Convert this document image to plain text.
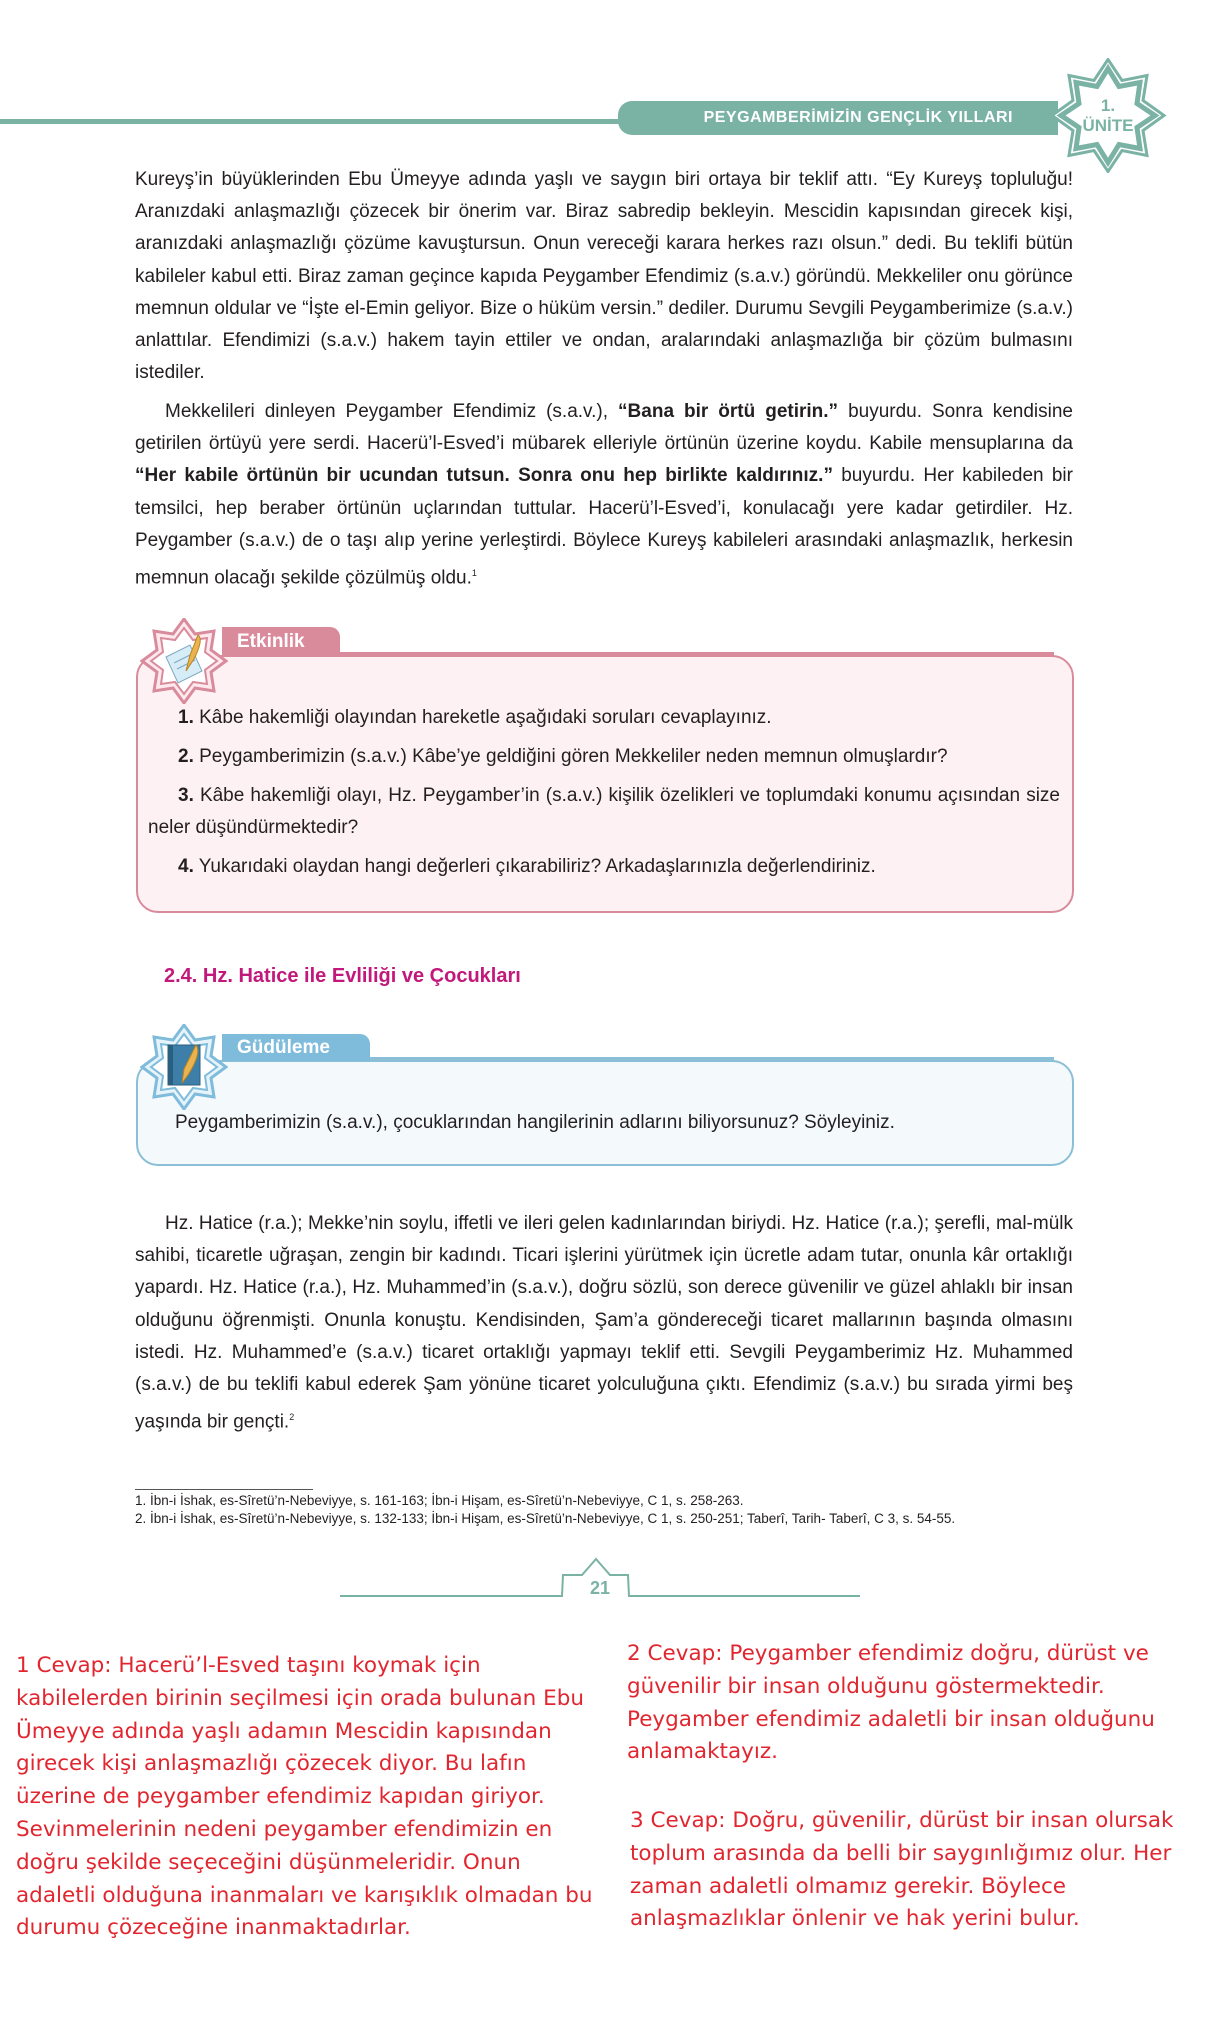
PEYGAMBERİMİZİN GENÇLİK YILLARI
1.
ÜNİTE

Kureyş’in büyüklerinden Ebu Ümeyye adında yaşlı ve saygın biri ortaya bir teklif attı. “Ey Kureyş topluluğu! Aranızdaki anlaşmazlığı çözecek bir önerim var. Biraz sabredip bekleyin. Mescidin kapısından girecek kişi, aranızdaki anlaşmazlığı çözüme kavuştursun. Onun vereceği karara herkes razı olsun.” dedi. Bu teklifi bütün kabileler kabul etti. Biraz zaman geçince kapıda Peygamber Efendimiz (s.a.v.) göründü. Mekkeliler onu görünce memnun oldular ve “İşte el-Emin geliyor. Bize o hüküm versin.” dediler. Durumu Sevgili Peygamberimize (s.a.v.) anlattılar. Efendimizi (s.a.v.) hakem tayin ettiler ve ondan, aralarındaki anlaşmazlığa bir çözüm bulmasını istediler.

Mekkelileri dinleyen Peygamber Efendimiz (s.a.v.), “Bana bir örtü getirin.” buyurdu. Sonra kendisine getirilen örtüyü yere serdi. Hacerü’l-Esved’i mübarek elleriyle örtünün üzerine koydu. Kabile mensuplarına da “Her kabile örtünün bir ucundan tutsun. Sonra onu hep birlikte kaldırınız.” buyurdu. Her kabileden bir temsilci, hep beraber örtünün uçlarından tuttular. Hacerü’l-Esved’i, konulacağı yere kadar getirdiler. Hz. Peygamber (s.a.v.) de o taşı alıp yerine yerleştirdi. Böylece Kureyş kabileleri arasındaki anlaşmazlık, herkesin memnun olacağı şekilde çözülmüş oldu.$^1$

Etkinlik

1. Kâbe hakemliği olayından hareketle aşağıdaki soruları cevaplayınız.

2. Peygamberimizin (s.a.v.) Kâbe’ye geldiğini gören Mekkeliler neden memnun olmuşlardır?

3. Kâbe hakemliği olayı, Hz. Peygamber’in (s.a.v.) kişilik özelikleri ve toplumdaki konumu açısından size neler düşündürmektedir?

4. Yukarıdaki olaydan hangi değerleri çıkarabiliriz? Arkadaşlarınızla değerlendiriniz.

2.4. Hz. Hatice ile Evliliği ve Çocukları
Güdüleme
Peygamberimizin (s.a.v.), çocuklarından hangilerinin adlarını biliyorsunuz? Söyleyiniz.

Hz. Hatice (r.a.); Mekke’nin soylu, iffetli ve ileri gelen kadınlarından biriydi. Hz. Hatice (r.a.); şerefli, mal-mülk sahibi, ticaretle uğraşan, zengin bir kadındı. Ticari işlerini yürütmek için ücretle adam tutar, onunla kâr ortaklığı yapardı. Hz. Hatice (r.a.), Hz. Muhammed’in (s.a.v.), doğru sözlü, son derece güvenilir ve güzel ahlaklı bir insan olduğunu öğrenmişti. Onunla konuştu. Kendisinden, Şam’a göndereceği ticaret mallarının başında olmasını istedi. Hz. Muhammed’e (s.a.v.) ticaret ortaklığı yapmayı teklif etti. Sevgili Peygamberimiz Hz. Muhammed (s.a.v.) de bu teklifi kabul ederek Şam yönüne ticaret yolculuğuna çıktı. Efendimiz (s.a.v.) bu sırada yirmi beş yaşında bir gençti.$^2$

1. İbn-i İshak, es-Sîretü’n-Nebeviyye, s. 161-163; İbn-i Hişam, es-Sîretü’n-Nebeviyye, C 1, s. 258-263.
2. İbn-i İshak, es-Sîretü’n-Nebeviyye, s. 132-133; İbn-i Hişam, es-Sîretü’n-Nebeviyye, C 1, s. 250-251; Taberî, Tarih- Taberî, C 3, s. 54-55.
21
1 Cevap: Hacerü’l-Esved taşını koymak için kabilelerden birinin seçilmesi için orada bulunan Ebu Ümeyye adında yaşlı adamın Mescidin kapısından girecek kişi anlaşmazlığı çözecek diyor. Bu lafın üzerine de peygamber efendimiz kapıdan giriyor. Sevinmelerinin nedeni peygamber efendimizin en doğru şekilde seçeceğini düşünmeleridir. Onun adaletli olduğuna inanmaları ve karışıklık olmadan bu durumu çözeceğine inanmaktadırlar.
2 Cevap: Peygamber efendimiz doğru, dürüst ve güvenilir bir insan olduğunu göstermektedir. Peygamber efendimiz adaletli bir insan olduğunu anlamaktayız.
3 Cevap: Doğru, güvenilir, dürüst bir insan olursak toplum arasında da belli bir saygınlığımız olur. Her zaman adaletli olmamız gerekir. Böylece anlaşmazlıklar önlenir ve hak yerini bulur.
